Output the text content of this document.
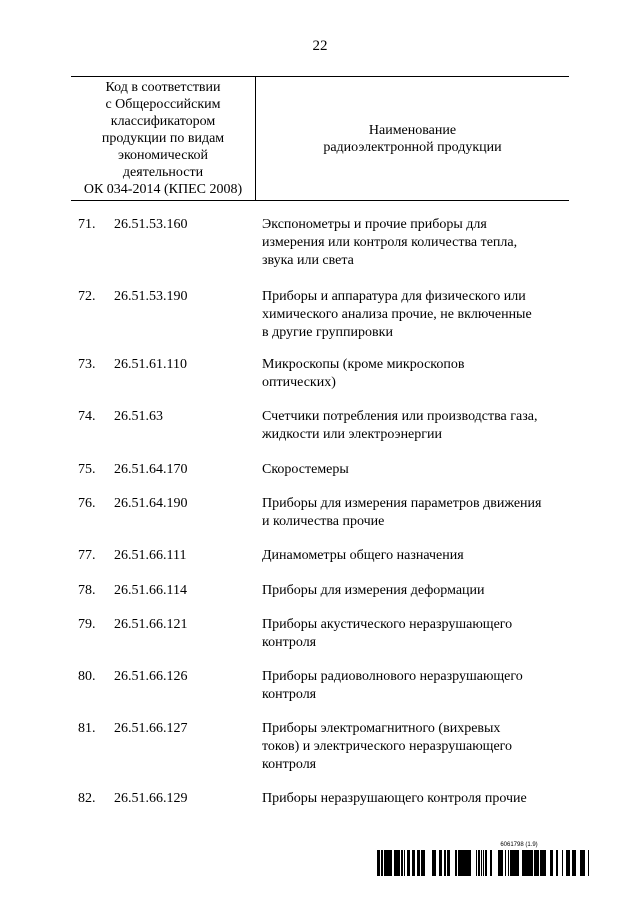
22
Код в соответствии
с Общероссийским
классификатором
продукции по видам
экономической
деятельности
ОК 034-2014 (КПЕС 2008)
Наименование
радиоэлектронной продукции
71. 26.51.53.160	Экспонометры и прочие приборы для
измерения или контроля количества тепла,
звука или света
72. 26.51.53.190	Приборы и аппаратура для физического или
химического анализа прочие, не включенные
в другие группировки
73. 26.51.61.110	Микроскопы (кроме микроскопов
оптических)
74. 26.51.63	Счетчики потребления или производства газа,
жидкости или электроэнергии
75. 26.51.64.170	Скоростемеры
76. 26.51.64.190	Приборы для измерения параметров движения
и количества прочие
77. 26.51.66.111	Динамометры общего назначения
78. 26.51.66.114	Приборы для измерения деформации
79. 26.51.66.121	Приборы акустического неразрушающего
контроля
80. 26.51.66.126	Приборы радиоволнового неразрушающего
контроля
81. 26.51.66.127	Приборы электромагнитного (вихревых
токов) и электрического неразрушающего
контроля
82. 26.51.66.129	Приборы неразрушающего контроля прочие
6061798 (1.9)
